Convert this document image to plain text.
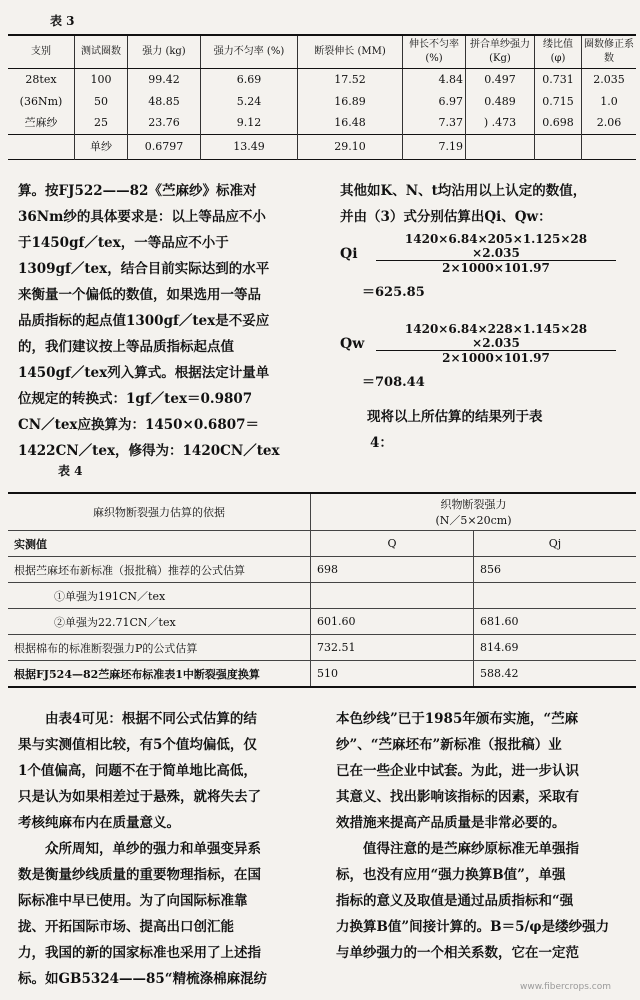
表 3
支别	测试圈数	强力 (kg)	强力不匀率 (%)	断裂伸长 (MM)	伸长不匀率 (%)	拼合单纱强力 (Kg)	缕比值 (φ)	圈数修正系数
28tex	100	99.42	6.69	17.52	4.84	0.497	0.731	2.035
(36Nm)	50	48.85	5.24	16.89	6.97	0.489	0.715	1.0
苎麻纱	25	23.76	9.12	16.48	7.37	) .473	0.698	2.06
	单纱	0.6797	13.49	29.10	7.19			

算。按FJ522——82《苎麻纱》标准对

36Nm纱的具体要求是：以上等品应不小

于1450gf／tex，一等品应不小于

1309gf／tex，结合目前实际达到的水平

来衡量一个偏低的数值，如果选用一等品

品质指标的起点值1300gf／tex是不妥应

的，我们建议按上等品质指标起点值

1450gf／tex列入算式。根据法定计量单

位规定的转换式：1gf／tex＝0.9807

CN／tex应换算为：1450×0.6807＝

1422CN／tex，修得为：1420CN／tex

其他如K、N、t均沾用以上认定的数值，

并由（3）式分别估算出Qi、Qw：

Qi
1420×6.84×205×1.125×28
×2.035
2×1000×101.97
＝625.85
Qw
1420×6.84×228×1.145×28
×2.035
2×1000×101.97
＝708.44

现将以上所估算的结果列于表

4：

表 4
麻织物断裂强力估算的依据	织物断裂强力
(N／5×20cm)	

实测值	Q	Qj
根据苎麻坯布新标准（报批稿）推荐的公式估算	698	856
①单强为191CN／tex		
②单强为22.71CN／tex	601.60	681.60
根据棉布的标准断裂强力P的公式估算	732.51	814.69
根据FJ524—82苎麻坯布标准表1中断裂强度换算	510	588.42

由表4可见：根据不同公式估算的结

果与实测值相比较，有5个值均偏低，仅

1个值偏高，问题不在于简单地比高低，

只是认为如果相差过于悬殊，就将失去了

考核纯麻布内在质量意义。

众所周知，单纱的强力和单强变异系

数是衡量纱线质量的重要物理指标，在国

际标准中早已使用。为了向国际标准靠

拢、开拓国际市场、提高出口创汇能

力，我国的新的国家标准也采用了上述指

标。如GB5324——85“精梳涤棉麻混纺

本色纱线”已于1985年颁布实施，“苎麻

纱”、“苎麻坯布”新标准（报批稿）业

已在一些企业中试套。为此，进一步认识

其意义、找出影响该指标的因素，采取有

效措施来提高产品质量是非常必要的。

值得注意的是苎麻纱原标准无单强指

标，也没有应用“强力换算B值”，单强

指标的意义及取值是通过品质指标和“强

力换算B值”间接计算的。B＝5/φ是缕纱强力

与单纱强力的一个相关系数，它在一定范

www.fibercrops.com
